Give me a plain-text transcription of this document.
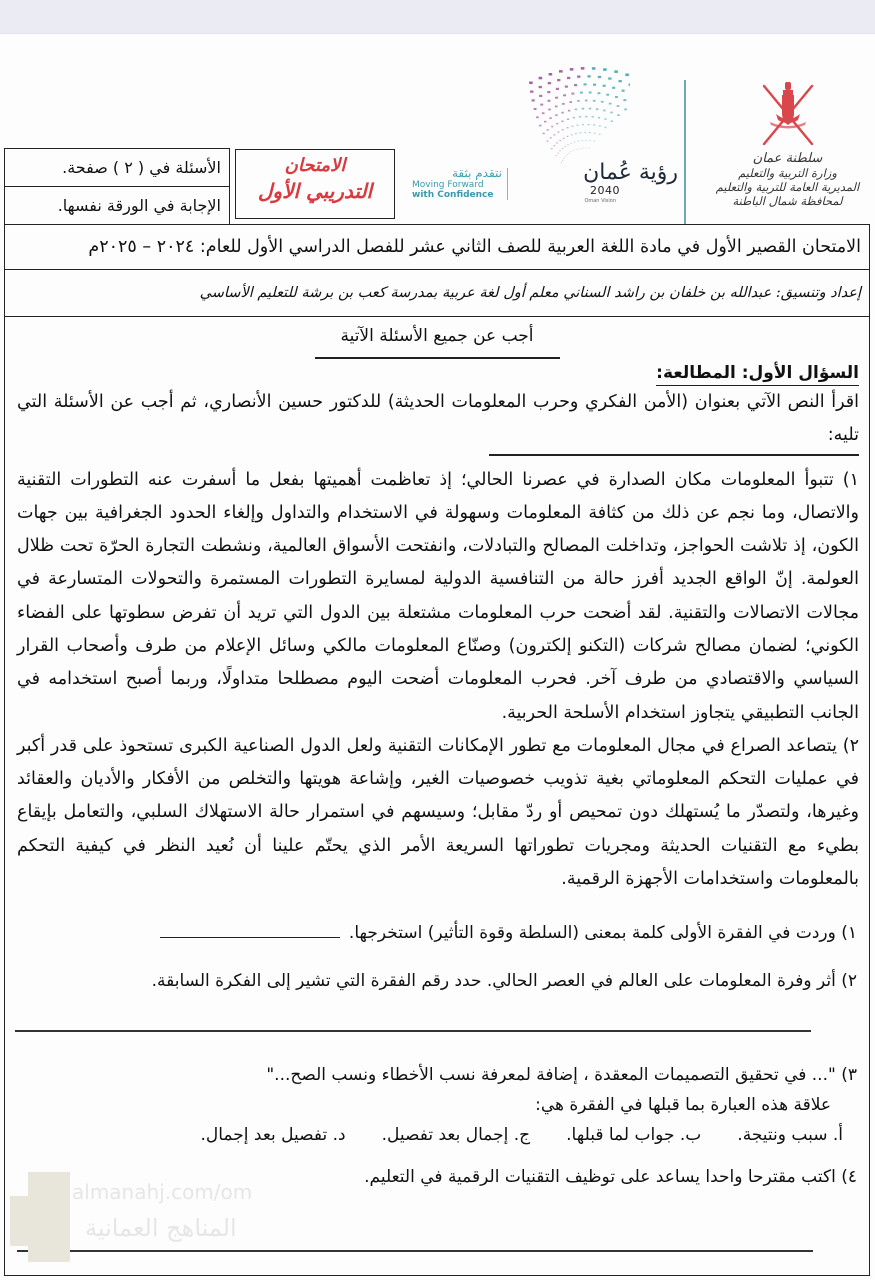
سلطنة عمان
وزارة التربية والتعليم
المديرية العامة للتربية والتعليم
لمحافظة شمال الباطنة
رؤية عُمان
2040
Oman Vision
نتقدم بثقة
Moving Forward
with Confidence
الامتحان
التدريبي الأول
الأسئلة في ( ٢ ) صفحة.
الإجابة في الورقة نفسها.
الامتحان القصير الأول في مادة اللغة العربية للصف الثاني عشر للفصل الدراسي الأول للعام: ٢٠٢٤ – ٢٠٢٥م
إعداد وتنسيق: عبدالله بن خلفان بن راشد السناني معلم أول لغة عربية بمدرسة كعب بن برشة للتعليم الأساسي
أجب عن جميع الأسئلة الآتية
السؤال الأول: المطالعة:
اقرأ النص الآتي بعنوان (الأمن الفكري وحرب المعلومات الحديثة) للدكتور حسين الأنصاري، ثم أجب عن الأسئلة التي تليه:
١) تتبوأ المعلومات مكان الصدارة في عصرنا الحالي؛ إذ تعاظمت أهميتها بفعل ما أسفرت عنه التطورات التقنية والاتصال، وما نجم عن ذلك من كثافة المعلومات وسهولة في الاستخدام والتداول وإلغاء الحدود الجغرافية بين جهات الكون، إذ تلاشت الحواجز، وتداخلت المصالح والتبادلات، وانفتحت الأسواق العالمية، ونشطت التجارة الحرّة تحت ظلال العولمة. إنّ الواقع الجديد أفرز حالة من التنافسية الدولية لمسايرة التطورات المستمرة والتحولات المتسارعة في مجالات الاتصالات والتقنية. لقد أضحت حرب المعلومات مشتعلة بين الدول التي تريد أن تفرض سطوتها على الفضاء الكوني؛ لضمان مصالح شركات (التكنو إلكترون) وصنّاع المعلومات مالكي وسائل الإعلام من طرف وأصحاب القرار السياسي والاقتصادي من طرف آخر. فحرب المعلومات أضحت اليوم مصطلحا متداولًا، وربما أصبح استخدامه في الجانب التطبيقي يتجاوز استخدام الأسلحة الحربية.
٢) يتصاعد الصراع في مجال المعلومات مع تطور الإمكانات التقنية ولعل الدول الصناعية الكبرى تستحوذ على قدر أكبر في عمليات التحكم المعلوماتي بغية تذويب خصوصيات الغير، وإشاعة هويتها والتخلص من الأفكار والأديان والعقائد وغيرها، ولتصدّر ما يُستهلك دون تمحيص أو ردّ مقابل؛ وسيسهم في استمرار حالة الاستهلاك السلبي، والتعامل بإيقاع بطيء مع التقنيات الحديثة ومجريات تطوراتها السريعة الأمر الذي يحتّم علينا أن نُعيد النظر في كيفية التحكم بالمعلومات واستخدامات الأجهزة الرقمية.
١) وردت في الفقرة الأولى كلمة بمعنى (السلطة وقوة التأثير) استخرجها.
٢) أثر وفرة المعلومات على العالم في العصر الحالي. حدد رقم الفقرة التي تشير إلى الفكرة السابقة.
٣) "... في تحقيق التصميمات المعقدة ، إضافة لمعرفة نسب الأخطاء ونسب الصح..."
علاقة هذه العبارة بما قبلها في الفقرة هي:
أ. سبب ونتيجة.
ب. جواب لما قبلها.
ج. إجمال بعد تفصيل.
د. تفصيل بعد إجمال.
٤) اكتب مقترحا واحدا يساعد على توظيف التقنيات الرقمية في التعليم.
almanahj.com/om
المناهج العمانية
